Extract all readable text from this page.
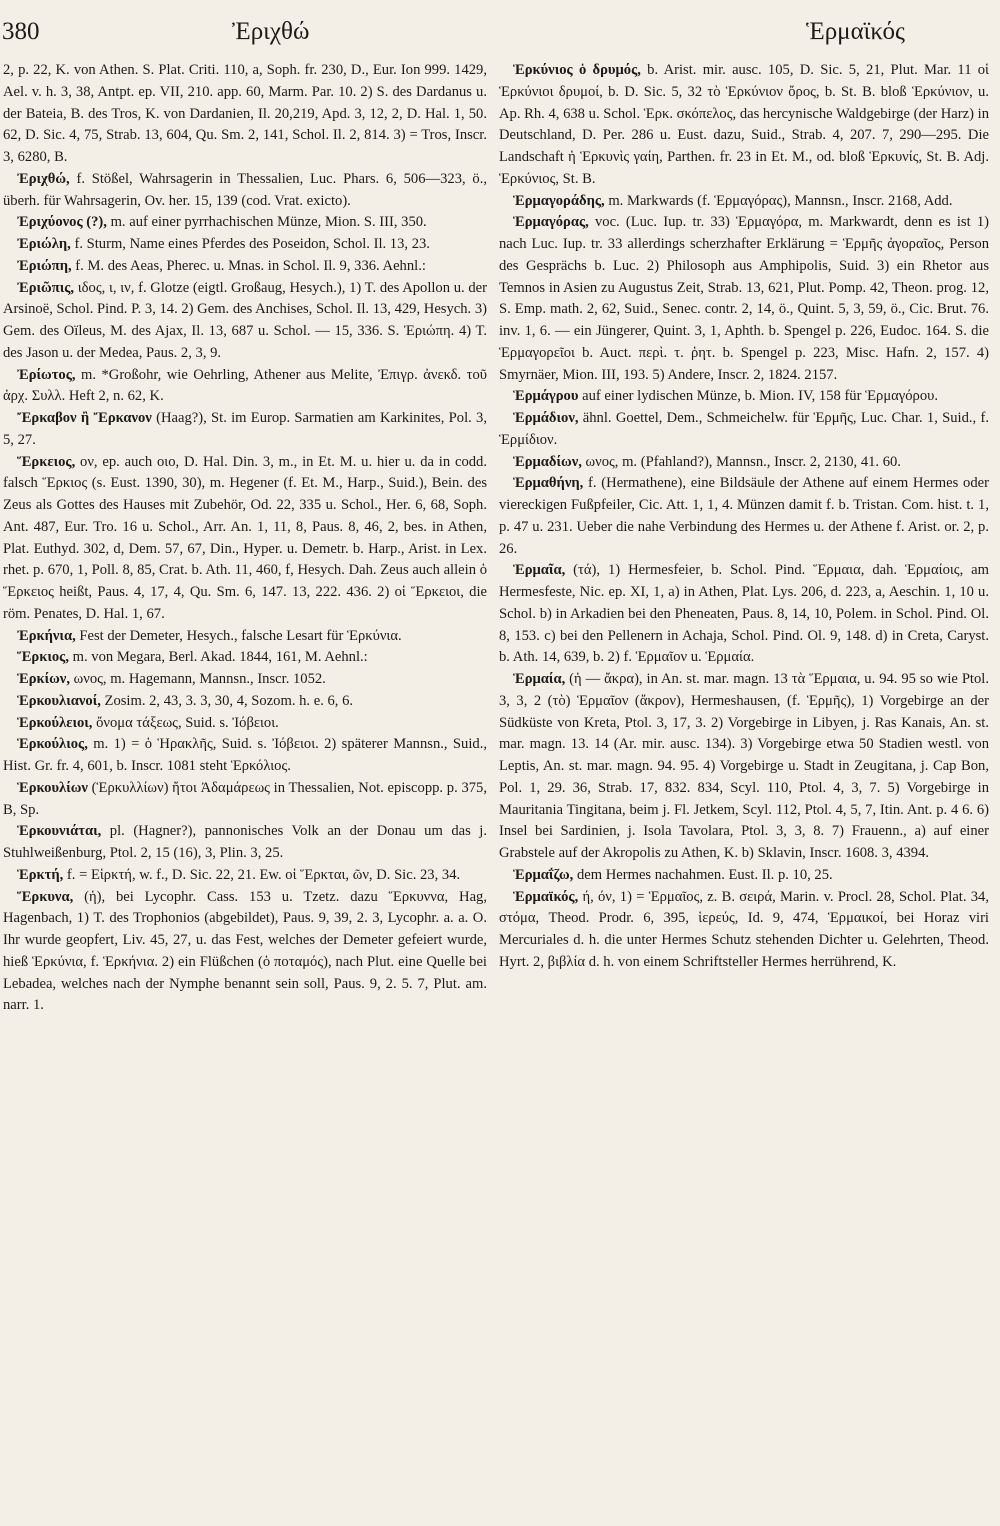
380	Ἐριχθώ	Ἑρμαϊκός

2, p. 22, K. von Athen. S. Plat. Criti. 110, a, Soph. fr. 230, D., Eur. Ion 999. 1429, Ael. v. h. 3, 38, Antpt. ep. VII, 210. app. 60, Marm. Par. 10. 2) S. des Dardanus u. der Bateia, B. des Tros, K. von Dardanien, Il. 20,219, Apd. 3, 12, 2, D. Hal. 1, 50. 62, D. Sic. 4, 75, Strab. 13, 604, Qu. Sm. 2, 141, Schol. Il. 2, 814. 3) = Tros, Inscr. 3, 6280, B.

Ἐριχθώ, f. Stößel, Wahrsagerin in Thessalien, Luc. Phars. 6, 506—323, ö., überh. für Wahrsagerin, Ov. her. 15, 139 (cod. Vrat. exicto).

Ἐριχύονος (?), m. auf einer pyrrhachischen Münze, Mion. S. III, 350.

Ἐριώλη, f. Sturm, Name eines Pferdes des Poseidon, Schol. Il. 13, 23.

Ἐριώπη, f. M. des Aeas, Pherec. u. Mnas. in Schol. Il. 9, 336. Aehnl.:

Ἐριῶπις, ιδος, ι, ιν, f. Glotze (eigtl. Großaug, Hesych.), 1) T. des Apollon u. der Arsinoë, Schol. Pind. P. 3, 14. 2) Gem. des Anchises, Schol. Il. 13, 429, Hesych. 3) Gem. des Oïleus, M. des Ajax, Il. 13, 687 u. Schol. — 15, 336. S. Ἐριώπη. 4) T. des Jason u. der Medea, Paus. 2, 3, 9.

Ἐρίωτος, m. *Großohr, wie Oehrling, Athener aus Melite, Ἐπιγρ. ἀνεκδ. τοῦ ἀρχ. Συλλ. Heft 2, n. 62, K.

Ἔρκαβον ἢ Ἔρκανον (Haag?), St. im Europ. Sarmatien am Karkinites, Pol. 3, 5, 27.

Ἕρκειος, ον, ep. auch οιο, D. Hal. Din. 3, m., in Et. M. u. hier u. da in codd. falsch Ἕρκιος (s. Eust. 1390, 30), m. Hegener (f. Et. M., Harp., Suid.), Bein. des Zeus als Gottes des Hauses mit Zubehör, Od. 22, 335 u. Schol., Her. 6, 68, Soph. Ant. 487, Eur. Tro. 16 u. Schol., Arr. An. 1, 11, 8, Paus. 8, 46, 2, bes. in Athen, Plat. Euthyd. 302, d, Dem. 57, 67, Din., Hyper. u. Demetr. b. Harp., Arist. in Lex. rhet. p. 670, 1, Poll. 8, 85, Crat. b. Ath. 11, 460, f, Hesych. Dah. Zeus auch allein ὁ Ἕρκειος heißt, Paus. 4, 17, 4, Qu. Sm. 6, 147. 13, 222. 436. 2) οἱ Ἕρκειοι, die röm. Penates, D. Hal. 1, 67.

Ἐρκήνια, Fest der Demeter, Hesych., falsche Lesart für Ἑρκύνια.

Ἕρκιος, m. von Megara, Berl. Akad. 1844, 161, M. Aehnl.:

Ἑρκίων, ωνος, m. Hagemann, Mannsn., Inscr. 1052.

Ἑρκουλιανοί, Zosim. 2, 43, 3. 3, 30, 4, Sozom. h. e. 6, 6.

Ἑρκούλειοι, ὄνομα τάξεως, Suid. s. Ἰόβειοι.

Ἑρκούλιος, m. 1) = ὁ Ἡρακλῆς, Suid. s. Ἰόβειοι. 2) späterer Mannsn., Suid., Hist. Gr. fr. 4, 601, b. Inscr. 1081 steht Ἑρκόλιος.

Ἑρκουλίων (Ἑρκυλλίων) ἤτοι Ἀδαμάρεως in Thessalien, Not. episcopp. p. 375, B, Sp.

Ἑρκουνιάται, pl. (Hagner?), pannonisches Volk an der Donau um das j. Stuhlweißenburg, Ptol. 2, 15 (16), 3, Plin. 3, 25.

Ἑρκτή, f. = Εἱρκτή, w. f., D. Sic. 22, 21. Ew. οἱ Ἕρκται, ῶν, D. Sic. 23, 34.

Ἕρκυνα, (ἡ), bei Lycophr. Cass. 153 u. Tzetz. dazu Ἕρκυννα, Hag, Hagenbach, 1) T. des Trophonios (abgebildet), Paus. 9, 39, 2. 3, Lycophr. a. a. O. Ihr wurde geopfert, Liv. 45, 27, u. das Fest, welches der Demeter gefeiert wurde, hieß Ἑρκύνια, f. Ἑρκήνια. 2) ein Flüßchen (ὁ ποταμός), nach Plut. eine Quelle bei Lebadea, welches nach der Nymphe benannt sein soll, Paus. 9, 2. 5. 7, Plut. am. narr. 1.

Ἑρκύνιος ὁ δρυμός, b. Arist. mir. ausc. 105, D. Sic. 5, 21, Plut. Mar. 11 οἱ Ἑρκύνιοι δρυμοί, b. D. Sic. 5, 32 τὸ Ἑρκύνιον ὄρος, b. St. B. bloß Ἑρκύνιον, u. Ap. Rh. 4, 638 u. Schol. Ἑρκ. σκόπελος, das hercynische Waldgebirge (der Harz) in Deutschland, D. Per. 286 u. Eust. dazu, Suid., Strab. 4, 207. 7, 290—295. Die Landschaft ἡ Ἑρκυνὶς γαίη, Parthen. fr. 23 in Et. M., od. bloß Ἑρκυνίς, St. B. Adj. Ἑρκύνιος, St. B.

Ἑρμαγοράδης, m. Markwards (f. Ἑρμαγόρας), Mannsn., Inscr. 2168, Add.

Ἑρμαγόρας, voc. (Luc. Iup. tr. 33) Ἑρμαγόρα, m. Markwardt, denn es ist 1) nach Luc. Iup. tr. 33 allerdings scherzhafter Erklärung = Ἑρμῆς ἀγοραῖος, Person des Gesprächs b. Luc. 2) Philosoph aus Amphipolis, Suid. 3) ein Rhetor aus Temnos in Asien zu Augustus Zeit, Strab. 13, 621, Plut. Pomp. 42, Theon. prog. 12, S. Emp. math. 2, 62, Suid., Senec. contr. 2, 14, ö., Quint. 5, 3, 59, ö., Cic. Brut. 76. inv. 1, 6. — ein Jüngerer, Quint. 3, 1, Aphth. b. Spengel p. 226, Eudoc. 164. S. die Ἑρμαγορεῖοι b. Auct. περὶ. τ. ῥητ. b. Spengel p. 223, Misc. Hafn. 2, 157. 4) Smyrnäer, Mion. III, 193. 5) Andere, Inscr. 2, 1824. 2157.

Ἑρμάγρου auf einer lydischen Münze, b. Mion. IV, 158 für Ἑρμαγόρου.

Ἑρμάδιον, ähnl. Goettel, Dem., Schmeichelw. für Ἑρμῆς, Luc. Char. 1, Suid., f. Ἑρμίδιον.

Ἑρμαδίων, ωνος, m. (Pfahland?), Mannsn., Inscr. 2, 2130, 41. 60.

Ἑρμαθήνη, f. (Hermathene), eine Bildsäule der Athene auf einem Hermes oder viereckigen Fußpfeiler, Cic. Att. 1, 1, 4. Münzen damit f. b. Tristan. Com. hist. t. 1, p. 47 u. 231. Ueber die nahe Verbindung des Hermes u. der Athene f. Arist. or. 2, p. 26.

Ἑρμαῖα, (τά), 1) Hermesfeier, b. Schol. Pind. Ἕρμαια, dah. Ἑρμαίοις, am Hermesfeste, Nic. ep. XI, 1, a) in Athen, Plat. Lys. 206, d. 223, a, Aeschin. 1, 10 u. Schol. b) in Arkadien bei den Pheneaten, Paus. 8, 14, 10, Polem. in Schol. Pind. Ol. 8, 153. c) bei den Pellenern in Achaja, Schol. Pind. Ol. 9, 148. d) in Creta, Caryst. b. Ath. 14, 639, b. 2) f. Ἑρμαῖον u. Ἑρμαία.

Ἑρμαία, (ἡ — ἄκρα), in An. st. mar. magn. 13 τὰ Ἕρμαια, u. 94. 95 so wie Ptol. 3, 3, 2 (τὸ) Ἑρμαῖον (ἄκρον), Hermeshausen, (f. Ἑρμῆς), 1) Vorgebirge an der Südküste von Kreta, Ptol. 3, 17, 3. 2) Vorgebirge in Libyen, j. Ras Kanais, An. st. mar. magn. 13. 14 (Ar. mir. ausc. 134). 3) Vorgebirge etwa 50 Stadien westl. von Leptis, An. st. mar. magn. 94. 95. 4) Vorgebirge u. Stadt in Zeugitana, j. Cap Bon, Pol. 1, 29. 36, Strab. 17, 832. 834, Scyl. 110, Ptol. 4, 3, 7. 5) Vorgebirge in Mauritania Tingitana, beim j. Fl. Jetkem, Scyl. 112, Ptol. 4, 5, 7, Itin. Ant. p. 4 6. 6) Insel bei Sardinien, j. Isola Tavolara, Ptol. 3, 3, 8. 7) Frauenn., a) auf einer Grabstele auf der Akropolis zu Athen, K. b) Sklavin, Inscr. 1608. 3, 4394.

Ἑρμαΐζω, dem Hermes nachahmen. Eust. Il. p. 10, 25.

Ἑρμαϊκός, ή, όν, 1) = Ἑρμαῖος, z. B. σειρά, Marin. v. Procl. 28, Schol. Plat. 34, στόμα, Theod. Prodr. 6, 395, ἱερεύς, Id. 9, 474, Ἑρμαικοί, bei Horaz viri Mercuriales d. h. die unter Hermes Schutz stehenden Dichter u. Gelehrten, Theod. Hyrt. 2, βιβλία d. h. von einem Schriftsteller Hermes herrührend, K.
